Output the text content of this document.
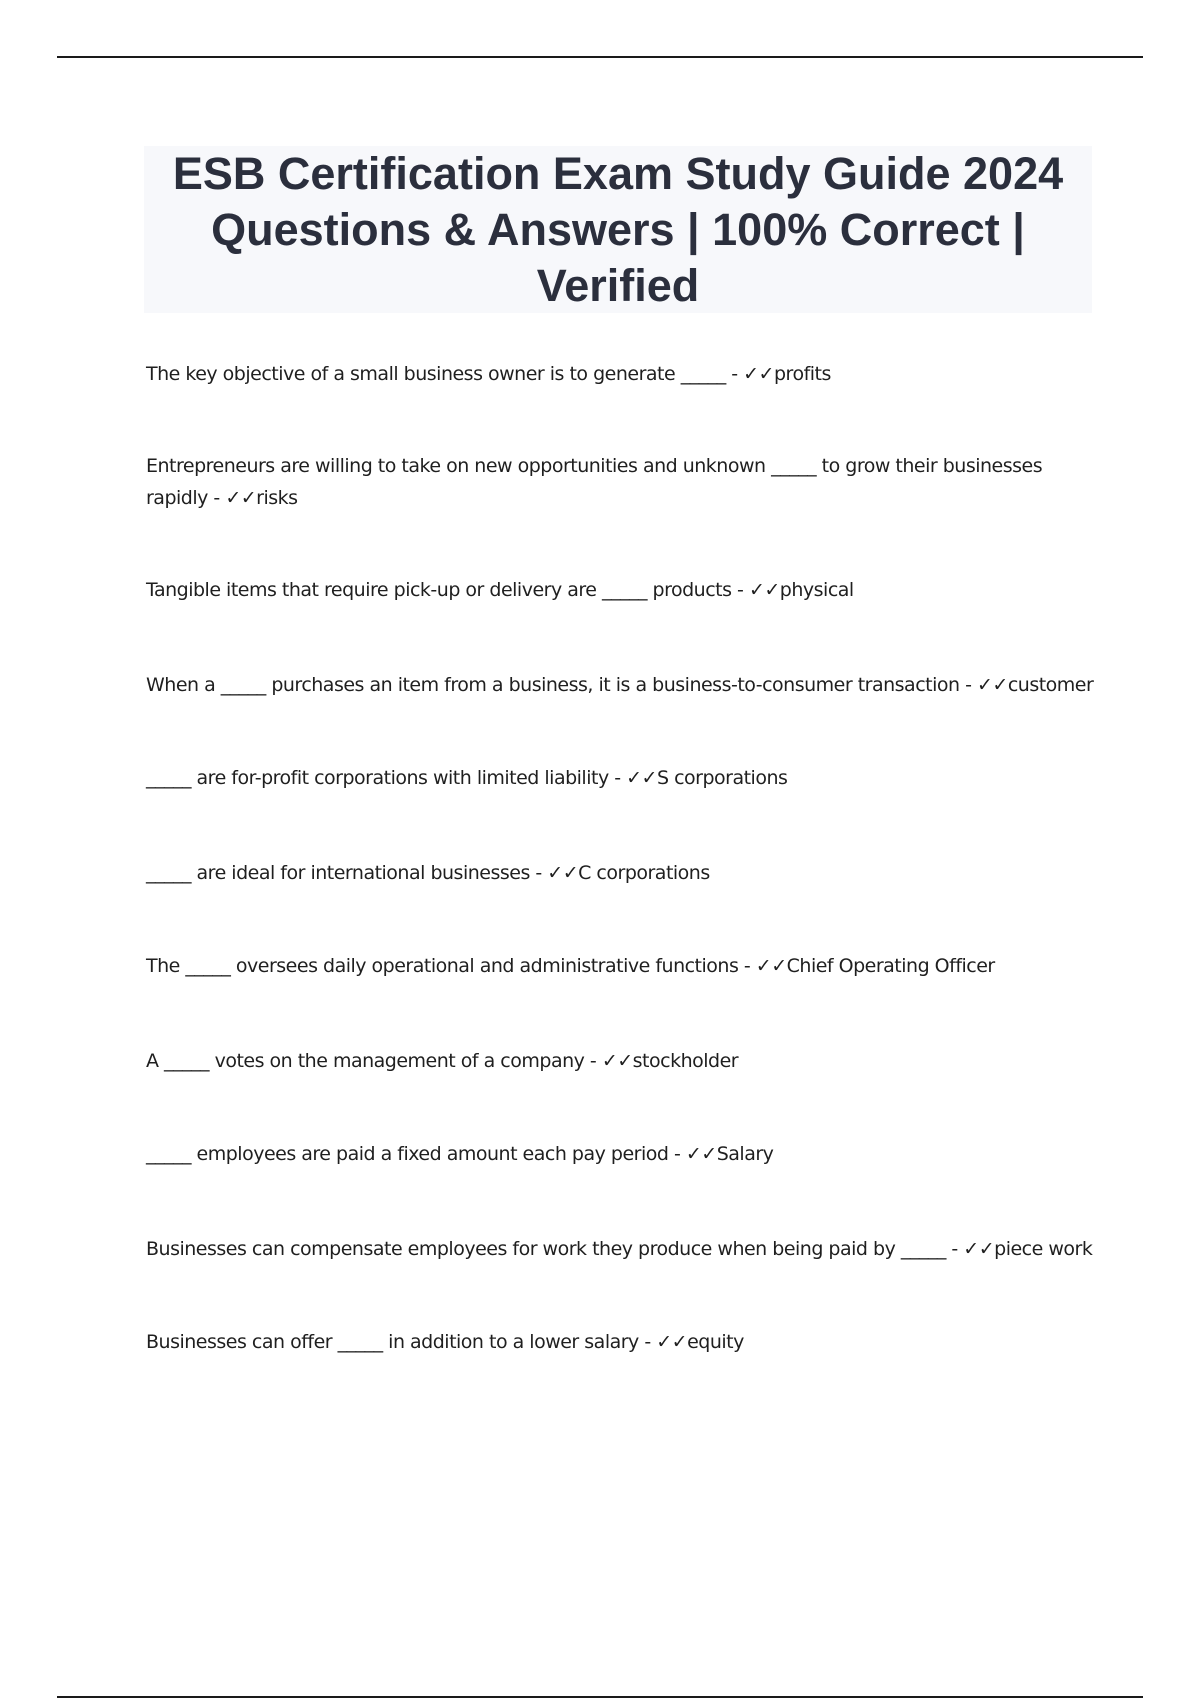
ESB Certification Exam Study Guide 2024 Questions & Answers | 100% Correct | Verified

The key objective of a small business owner is to generate _____ - ✓✓profits

Entrepreneurs are willing to take on new opportunities and unknown _____ to grow their businesses rapidly - ✓✓risks

Tangible items that require pick-up or delivery are _____ products - ✓✓physical

When a _____ purchases an item from a business, it is a business-to-consumer transaction - ✓✓customer

_____ are for-profit corporations with limited liability - ✓✓S corporations

_____ are ideal for international businesses - ✓✓C corporations

The _____ oversees daily operational and administrative functions - ✓✓Chief Operating Officer

A _____ votes on the management of a company - ✓✓stockholder

_____ employees are paid a fixed amount each pay period - ✓✓Salary

Businesses can compensate employees for work they produce when being paid by _____ - ✓✓piece work

Businesses can offer _____ in addition to a lower salary - ✓✓equity
